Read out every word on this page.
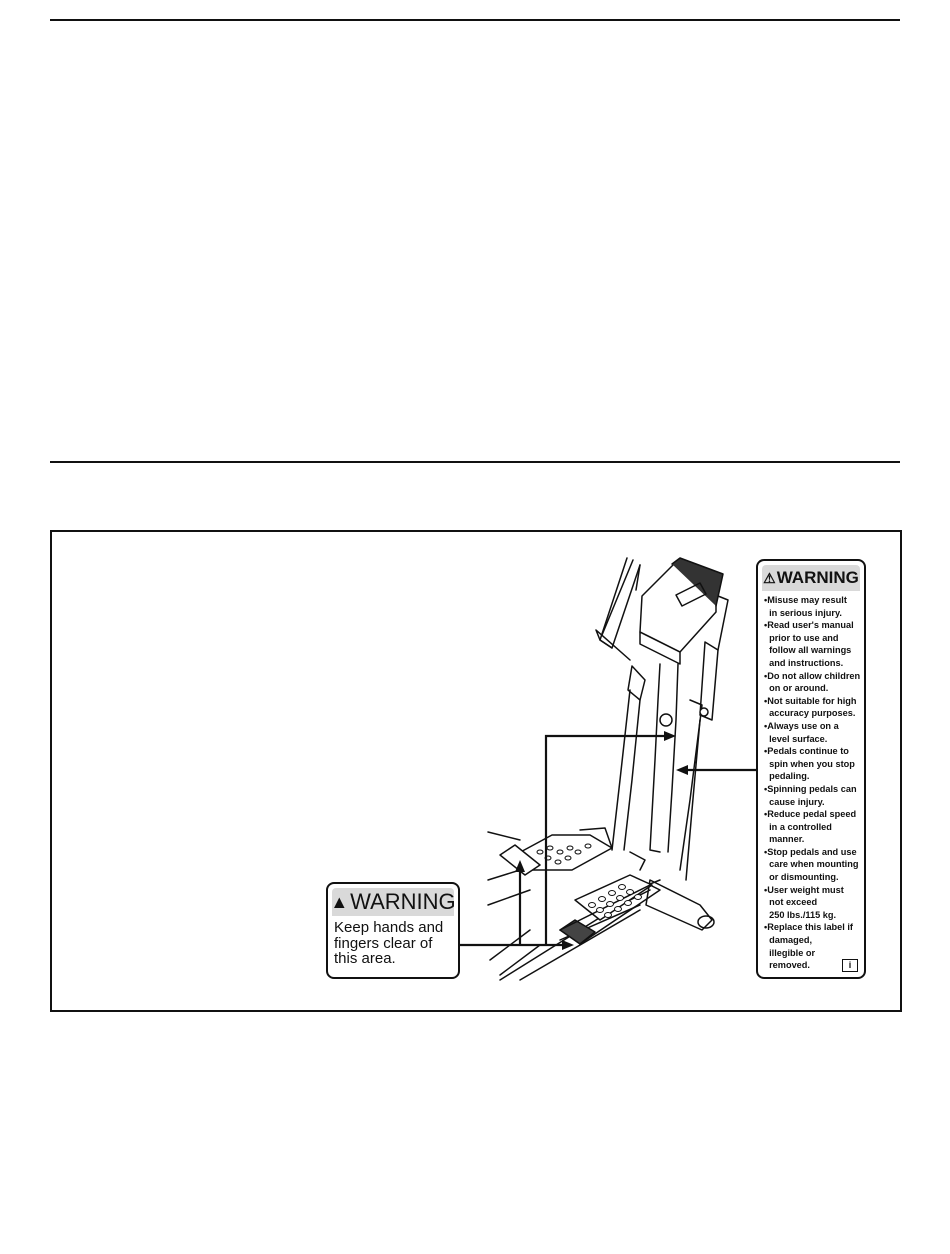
⚠ WARNING
•Misuse may result
in serious injury.
•Read user's manual
prior to use and
follow all warnings
and instructions.
•Do not allow children
on or around.
•Not suitable for high
accuracy purposes.
•Always use on a
level surface.
•Pedals continue to
spin when you stop
pedaling.
•Spinning pedals can
cause injury.
•Reduce pedal speed
in a controlled
manner.
•Stop pedals and use
care when mounting
or dismounting.
•User weight must
not exceed
250 lbs./115 kg.
•Replace this label if
damaged,
illegible or
removed.	i
▲ WARNING
Keep hands and
fingers clear of
this area.
